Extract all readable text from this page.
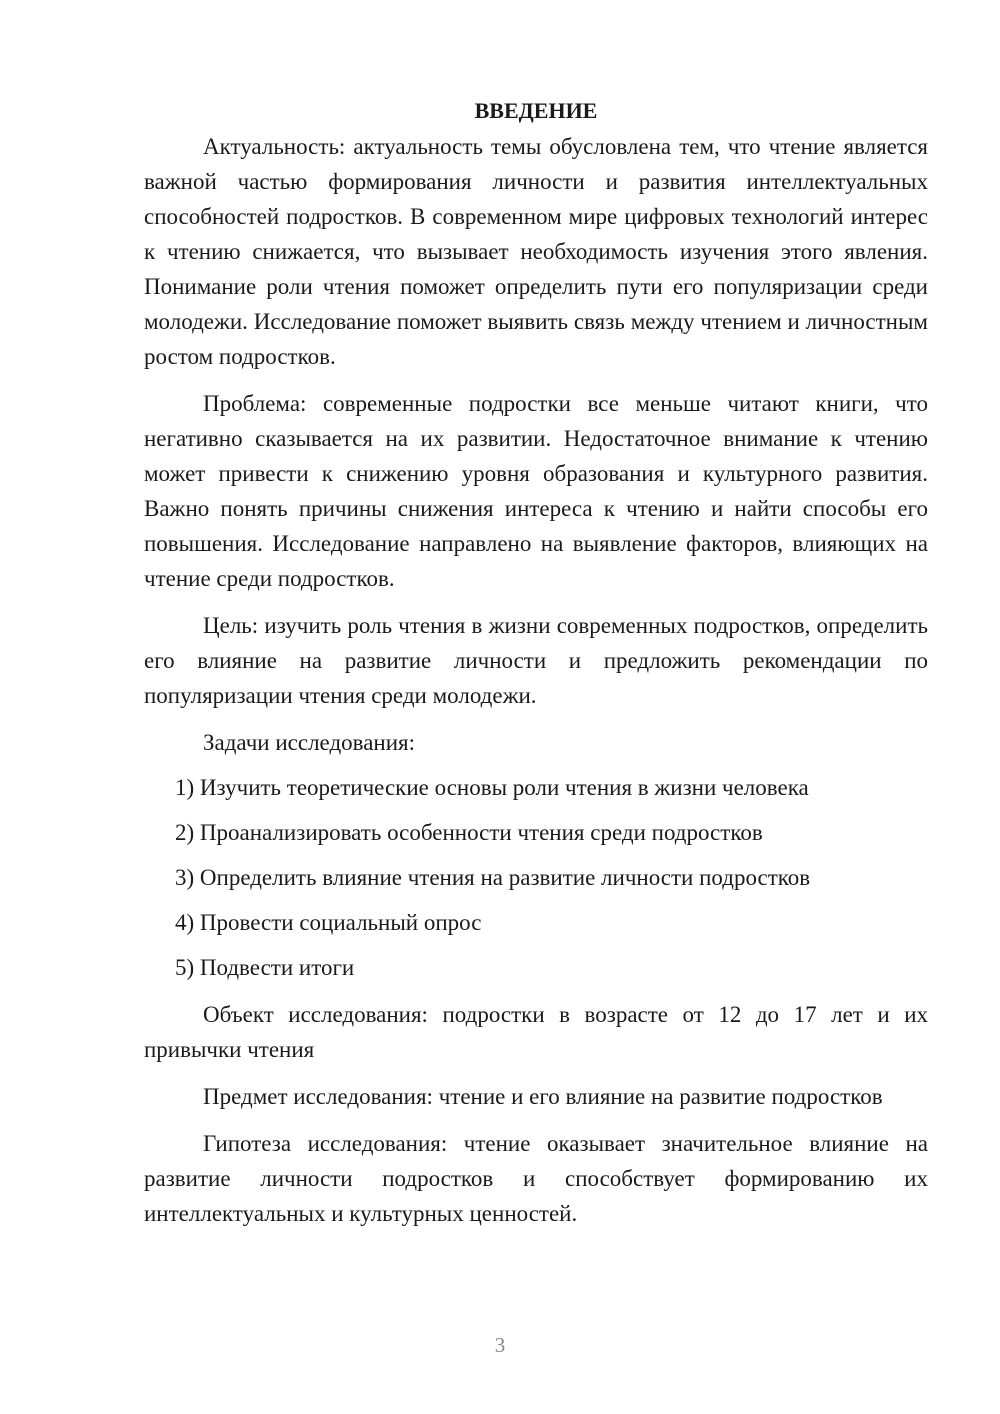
ВВЕДЕНИЕ

Актуальность: актуальность темы обусловлена тем, что чтение является важной частью формирования личности и развития интеллектуальных способностей подростков. В современном мире цифровых технологий интерес к чтению снижается, что вызывает необходимость изучения этого явления. Понимание роли чтения поможет определить пути его популяризации среди молодежи. Исследование поможет выявить связь между чтением и личностным ростом подростков.

Проблема: современные подростки все меньше читают книги, что негативно сказывается на их развитии. Недостаточное внимание к чтению может привести к снижению уровня образования и культурного развития. Важно понять причины снижения интереса к чтению и найти способы его повышения. Исследование направлено на выявление факторов, влияющих на чтение среди подростков.

Цель: изучить роль чтения в жизни современных подростков, определить его влияние на развитие личности и предложить рекомендации по популяризации чтения среди молодежи.

Задачи исследования:

1) Изучить теоретические основы роли чтения в жизни человека
2) Проанализировать особенности чтения среди подростков
3) Определить влияние чтения на развитие личности подростков
4) Провести социальный опрос
5) Подвести итоги

Объект исследования: подростки в возрасте от 12 до 17 лет и их привычки чтения

Предмет исследования: чтение и его влияние на развитие подростков

Гипотеза исследования: чтение оказывает значительное влияние на развитие личности подростков и способствует формированию их интеллектуальных и культурных ценностей.

3
